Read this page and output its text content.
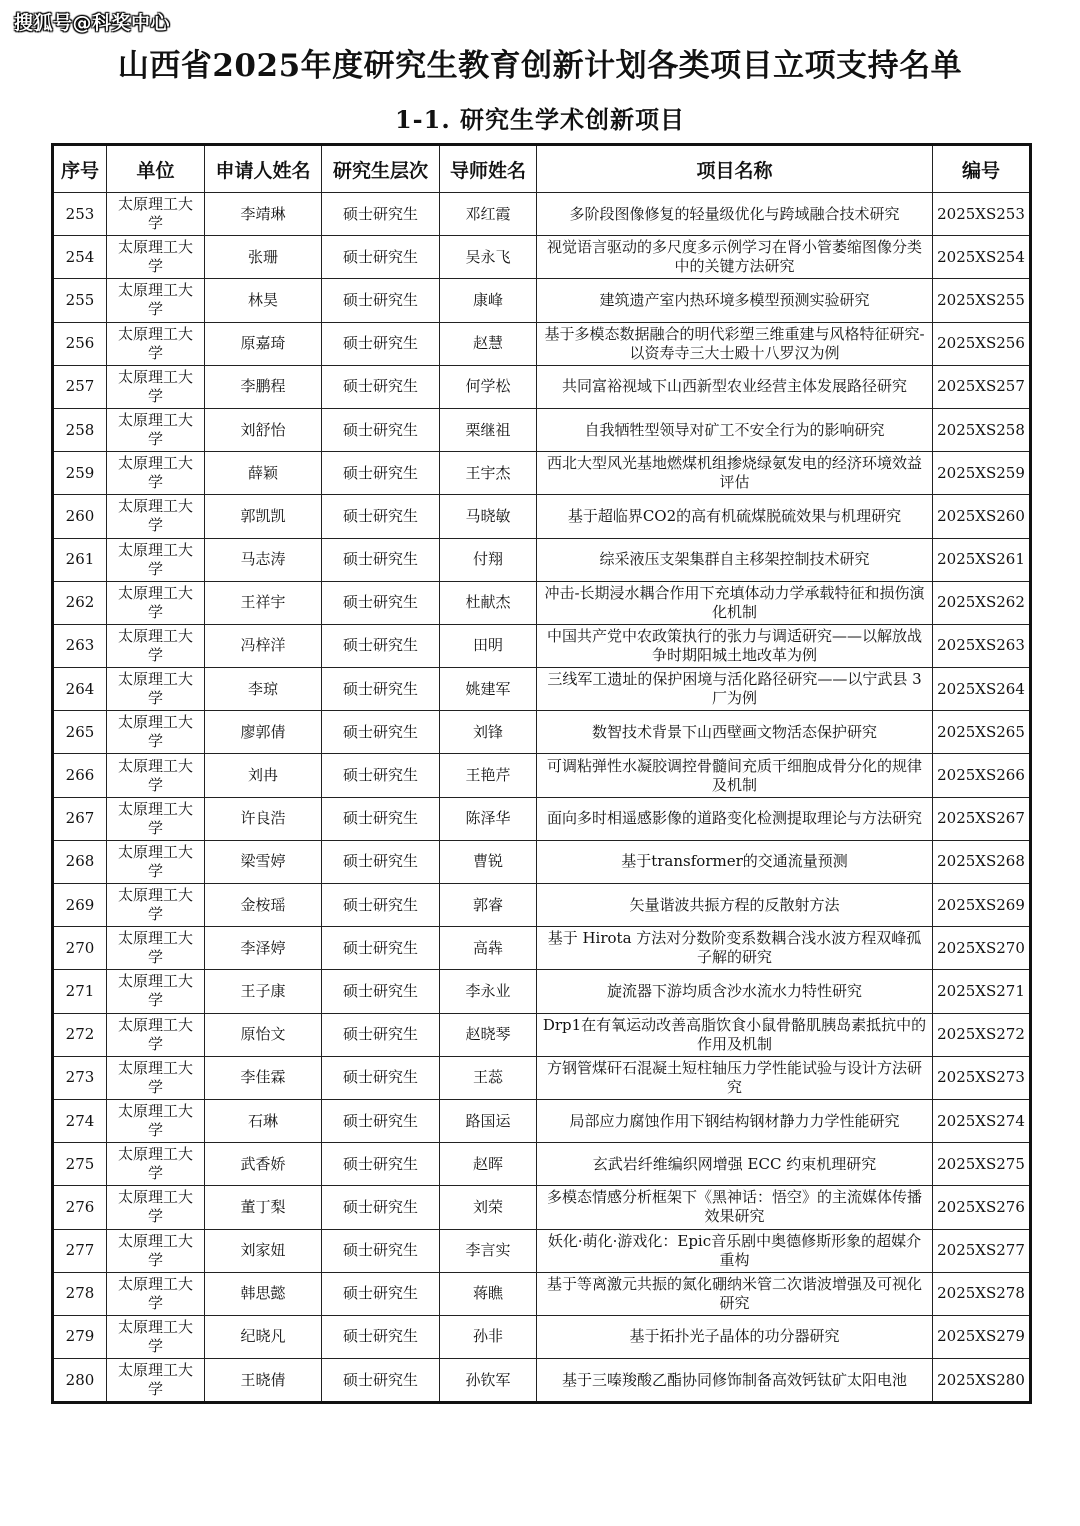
搜狐号@科奖中心
山西省2025年度研究生教育创新计划各类项目立项支持名单
1-1. 研究生学术创新项目
序号	单位	申请人姓名	研究生层次	导师姓名	项目名称	编号
253	太原理工大学	李靖琳	硕士研究生	邓红霞	多阶段图像修复的轻量级优化与跨域融合技术研究	2025XS253
254	太原理工大学	张珊	硕士研究生	吴永飞	视觉语言驱动的多尺度多示例学习在肾小管萎缩图像分类中的关键方法研究	2025XS254
255	太原理工大学	林昊	硕士研究生	康峰	建筑遗产室内热环境多模型预测实验研究	2025XS255
256	太原理工大学	原嘉琦	硕士研究生	赵慧	基于多模态数据融合的明代彩塑三维重建与风格特征研究-以资寿寺三大士殿十八罗汉为例	2025XS256
257	太原理工大学	李鹏程	硕士研究生	何学松	共同富裕视域下山西新型农业经营主体发展路径研究	2025XS257
258	太原理工大学	刘舒怡	硕士研究生	栗继祖	自我牺牲型领导对矿工不安全行为的影响研究	2025XS258
259	太原理工大学	薛颖	硕士研究生	王宇杰	西北大型风光基地燃煤机组掺烧绿氨发电的经济环境效益评估	2025XS259
260	太原理工大学	郭凯凯	硕士研究生	马晓敏	基于超临界CO2的高有机硫煤脱硫效果与机理研究	2025XS260
261	太原理工大学	马志涛	硕士研究生	付翔	综采液压支架集群自主移架控制技术研究	2025XS261
262	太原理工大学	王祥宇	硕士研究生	杜献杰	冲击-长期浸水耦合作用下充填体动力学承载特征和损伤演化机制	2025XS262
263	太原理工大学	冯梓洋	硕士研究生	田明	中国共产党中农政策执行的张力与调适研究——以解放战争时期阳城土地改革为例	2025XS263
264	太原理工大学	李琼	硕士研究生	姚建军	三线军工遗址的保护困境与活化路径研究——以宁武县 3 厂为例	2025XS264
265	太原理工大学	廖郭倩	硕士研究生	刘锋	数智技术背景下山西壁画文物活态保护研究	2025XS265
266	太原理工大学	刘冉	硕士研究生	王艳芹	可调粘弹性水凝胶调控骨髓间充质干细胞成骨分化的规律及机制	2025XS266
267	太原理工大学	许良浩	硕士研究生	陈泽华	面向多时相遥感影像的道路变化检测提取理论与方法研究	2025XS267
268	太原理工大学	梁雪婷	硕士研究生	曹锐	基于transformer的交通流量预测	2025XS268
269	太原理工大学	金桉瑶	硕士研究生	郭睿	矢量谐波共振方程的反散射方法	2025XS269
270	太原理工大学	李泽婷	硕士研究生	高犇	基于 Hirota 方法对分数阶变系数耦合浅水波方程双峰孤子解的研究	2025XS270
271	太原理工大学	王子康	硕士研究生	李永业	旋流器下游均质含沙水流水力特性研究	2025XS271
272	太原理工大学	原怡文	硕士研究生	赵晓琴	Drp1在有氧运动改善高脂饮食小鼠骨骼肌胰岛素抵抗中的作用及机制	2025XS272
273	太原理工大学	李佳霖	硕士研究生	王蕊	方钢管煤矸石混凝土短柱轴压力学性能试验与设计方法研究	2025XS273
274	太原理工大学	石琳	硕士研究生	路国运	局部应力腐蚀作用下钢结构钢材静力力学性能研究	2025XS274
275	太原理工大学	武香娇	硕士研究生	赵晖	玄武岩纤维编织网增强 ECC 约束机理研究	2025XS275
276	太原理工大学	董丁梨	硕士研究生	刘荣	多模态情感分析框架下《黑神话：悟空》的主流媒体传播效果研究	2025XS276
277	太原理工大学	刘家妞	硕士研究生	李言实	妖化·萌化·游戏化：Epic音乐剧中奥德修斯形象的超媒介重构	2025XS277
278	太原理工大学	韩思懿	硕士研究生	蒋瞧	基于等离激元共振的氮化硼纳米管二次谐波增强及可视化研究	2025XS278
279	太原理工大学	纪晓凡	硕士研究生	孙非	基于拓扑光子晶体的功分器研究	2025XS279
280	太原理工大学	王晓倩	硕士研究生	孙钦军	基于三嗪羧酸乙酯协同修饰制备高效钙钛矿太阳电池	2025XS280
